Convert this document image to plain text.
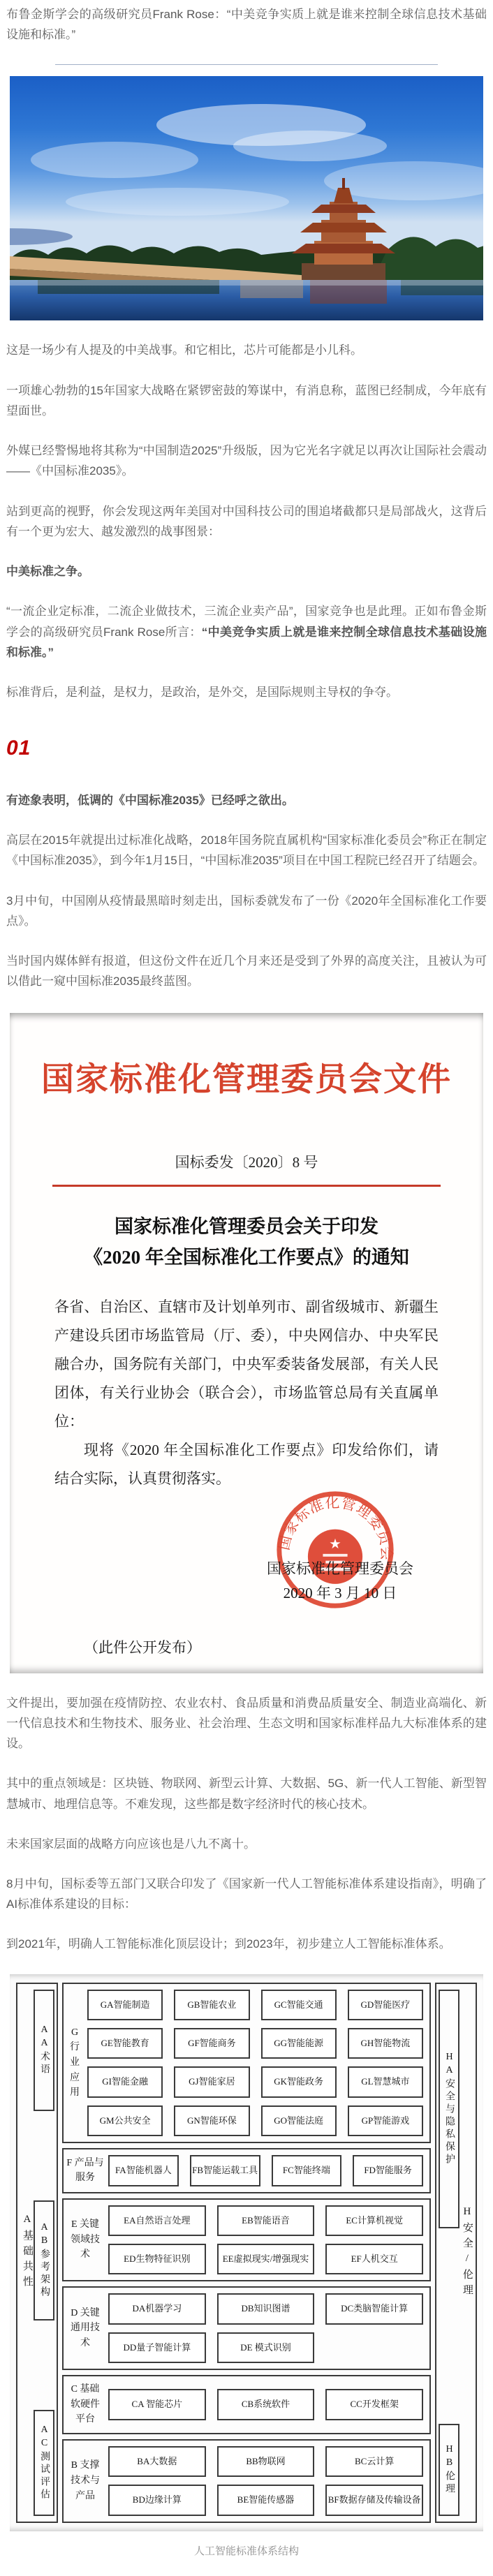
布鲁金斯学会的高级研究员Frank Rose：“中美竞争实质上就是谁来控制全球信息技术基础设施和标准。”

这是一场少有人提及的中美战事。和它相比，芯片可能都是小儿科。

一项雄心勃勃的15年国家大战略在紧锣密鼓的筹谋中，有消息称，蓝图已经制成，今年底有望面世。

外媒已经警惕地将其称为“中国制造2025”升级版，因为它光名字就足以再次让国际社会震动——《中国标准2035》。

站到更高的视野，你会发现这两年美国对中国科技公司的围追堵截都只是局部战火，这背后有一个更为宏大、越发激烈的战事图景：

中美标准之争。

“一流企业定标准，二流企业做技术，三流企业卖产品”，国家竞争也是此理。正如布鲁金斯学会的高级研究员Frank Rose所言：“中美竞争实质上就是谁来控制全球信息技术基础设施和标准。”

标准背后，是利益，是权力，是政治，是外交，是国际规则主导权的争夺。

01

有迹象表明，低调的《中国标准2035》已经呼之欲出。

高层在2015年就提出过标准化战略，2018年国务院直属机构“国家标准化委员会”称正在制定《中国标准2035》，到今年1月15日，“中国标准2035”项目在中国工程院已经召开了结题会。

3月中旬，中国刚从疫情最黑暗时刻走出，国标委就发布了一份《2020年全国标准化工作要点》。

当时国内媒体鲜有报道，但这份文件在近几个月来还是受到了外界的高度关注，且被认为可以借此一窥中国标准2035最终蓝图。

国家标准化管理委员会文件
国标委发〔2020〕8 号
国家标准化管理委员会关于印发
《2020 年全国标准化工作要点》的通知

各省、自治区、直辖市及计划单列市、副省级城市、新疆生产建设兵团市场监管局（厅、委），中央网信办、中央军民融合办，国务院有关部门，中央军委装备发展部，有关人民团体，有关行业协会（联合会），市场监管总局有关直属单位：

现将《2020 年全国标准化工作要点》印发给你们，请结合实际，认真贯彻落实。

国家标准化管理委员会
★
国家标准化管理委员会
2020 年 3 月 10 日
（此件公开发布）

文件提出，要加强在疫情防控、农业农村、食品质量和消费品质量安全、制造业高端化、新一代信息技术和生物技术、服务业、社会治理、生态文明和国家标准样品九大标准体系的建设。

其中的重点领域是：区块链、物联网、新型云计算、大数据、5G、新一代人工智能、新型智慧城市、地理信息等。不难发现，这些都是数字经济时代的核心技术。

未来国家层面的战略方向应该也是八九不离十。

8月中旬，国标委等五部门又联合印发了《国家新一代人工智能标准体系建设指南》，明确了AI标准体系建设的目标：

到2021年，明确人工智能标准化顶层设计；到2023年，初步建立人工智能标准体系。

A基础共性
AA术语
AB参考架构
AC测试评估
G 行业应用
GA智能制造	GB智能农业	GC智能交通	GD智能医疗
GE智能教育	GF智能商务	GG智能能源	GH智能物流
GI智能金融	GJ智能家居	GK智能政务	GL智慧城市
GM公共安全	GN智能环保	GO智能法庭	GP智能游戏
F 产品与服务
FA智能机器人	FB智能运载工具	FC智能终端	FD智能服务
E 关键领域技术
EA自然语言处理	EB智能语音	EC计算机视觉
ED生物特征识别	EE虚拟现实/增强现实	EF人机交互
D 关键通用技术
DA机器学习	DB知识图谱	DC类脑智能计算
DD量子智能计算	DE 模式识别
C 基础软硬件平台
CA 智能芯片	CB系统软件	CC开发框架
B 支撑技术与产品
BA大数据	BB物联网	BC云计算
BD边缘计算	BE智能传感器	BF数据存储及传输设备
HA安全与隐私保护
HB伦理
H安全/伦理
人工智能标准体系结构
